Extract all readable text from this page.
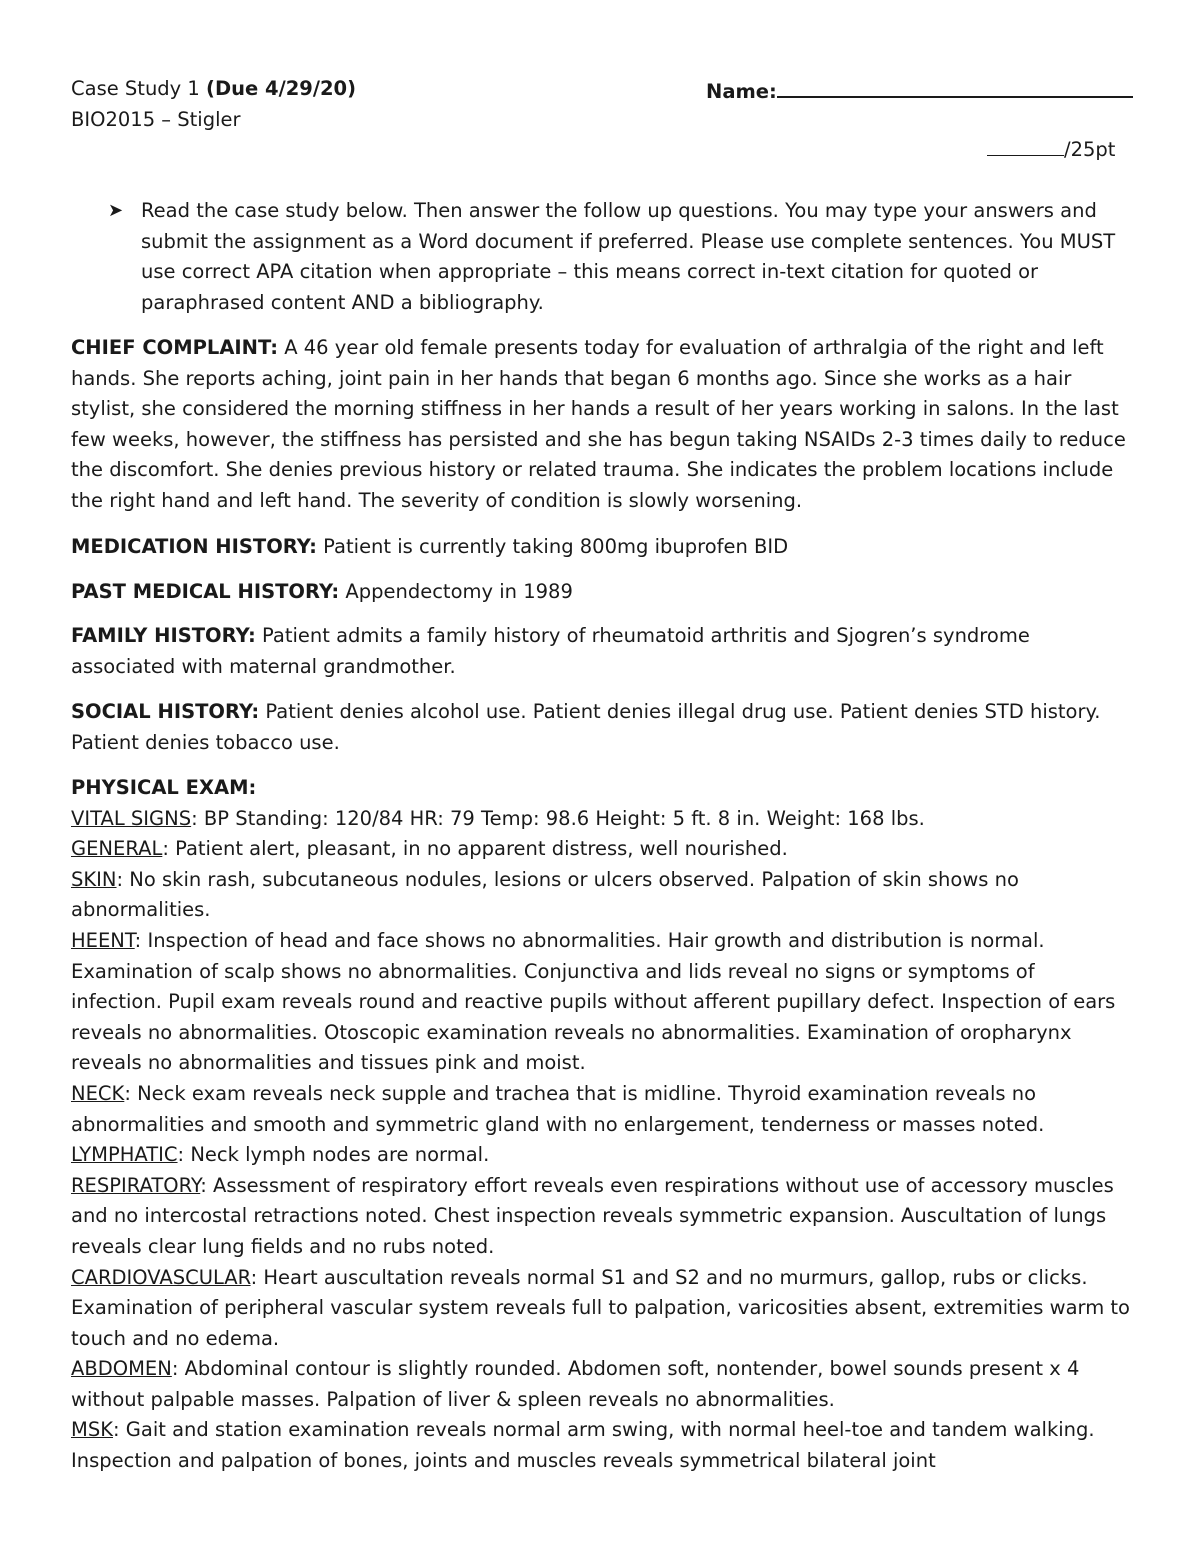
Case Study 1 (Due 4/29/20)
BIO2015 – Stigler
Name:
/25pt
➤ Read the case study below. Then answer the follow up questions. You may type your answers and submit the assignment as a Word document if preferred. Please use complete sentences. You MUST use correct APA citation when appropriate – this means correct in-text citation for quoted or paraphrased content AND a bibliography.

CHIEF COMPLAINT: A 46 year old female presents today for evaluation of arthralgia of the right and left hands. She reports aching, joint pain in her hands that began 6 months ago. Since she works as a hair stylist, she considered the morning stiffness in her hands a result of her years working in salons. In the last few weeks, however, the stiffness has persisted and she has begun taking NSAIDs 2-3 times daily to reduce the discomfort. She denies previous history or related trauma. She indicates the problem locations include the right hand and left hand. The severity of condition is slowly worsening.

MEDICATION HISTORY: Patient is currently taking 800mg ibuprofen BID

PAST MEDICAL HISTORY: Appendectomy in 1989

FAMILY HISTORY: Patient admits a family history of rheumatoid arthritis and Sjogren’s syndrome associated with maternal grandmother.

SOCIAL HISTORY: Patient denies alcohol use. Patient denies illegal drug use. Patient denies STD history. Patient denies tobacco use.

PHYSICAL EXAM:

VITAL SIGNS: BP Standing: 120/84 HR: 79 Temp: 98.6 Height: 5 ft. 8 in. Weight: 168 lbs.

GENERAL: Patient alert, pleasant, in no apparent distress, well nourished.

SKIN: No skin rash, subcutaneous nodules, lesions or ulcers observed. Palpation of skin shows no abnormalities.

HEENT: Inspection of head and face shows no abnormalities. Hair growth and distribution is normal. Examination of scalp shows no abnormalities. Conjunctiva and lids reveal no signs or symptoms of infection. Pupil exam reveals round and reactive pupils without afferent pupillary defect. Inspection of ears reveals no abnormalities. Otoscopic examination reveals no abnormalities. Examination of oropharynx reveals no abnormalities and tissues pink and moist.

NECK: Neck exam reveals neck supple and trachea that is midline. Thyroid examination reveals no abnormalities and smooth and symmetric gland with no enlargement, tenderness or masses noted.

LYMPHATIC: Neck lymph nodes are normal.

RESPIRATORY: Assessment of respiratory effort reveals even respirations without use of accessory muscles and no intercostal retractions noted. Chest inspection reveals symmetric expansion. Auscultation of lungs reveals clear lung fields and no rubs noted.

CARDIOVASCULAR: Heart auscultation reveals normal S1 and S2 and no murmurs, gallop, rubs or clicks. Examination of peripheral vascular system reveals full to palpation, varicosities absent, extremities warm to touch and no edema.

ABDOMEN: Abdominal contour is slightly rounded. Abdomen soft, nontender, bowel sounds present x 4 without palpable masses. Palpation of liver & spleen reveals no abnormalities.

MSK: Gait and station examination reveals normal arm swing, with normal heel-toe and tandem walking. Inspection and palpation of bones, joints and muscles reveals symmetrical bilateral joint
